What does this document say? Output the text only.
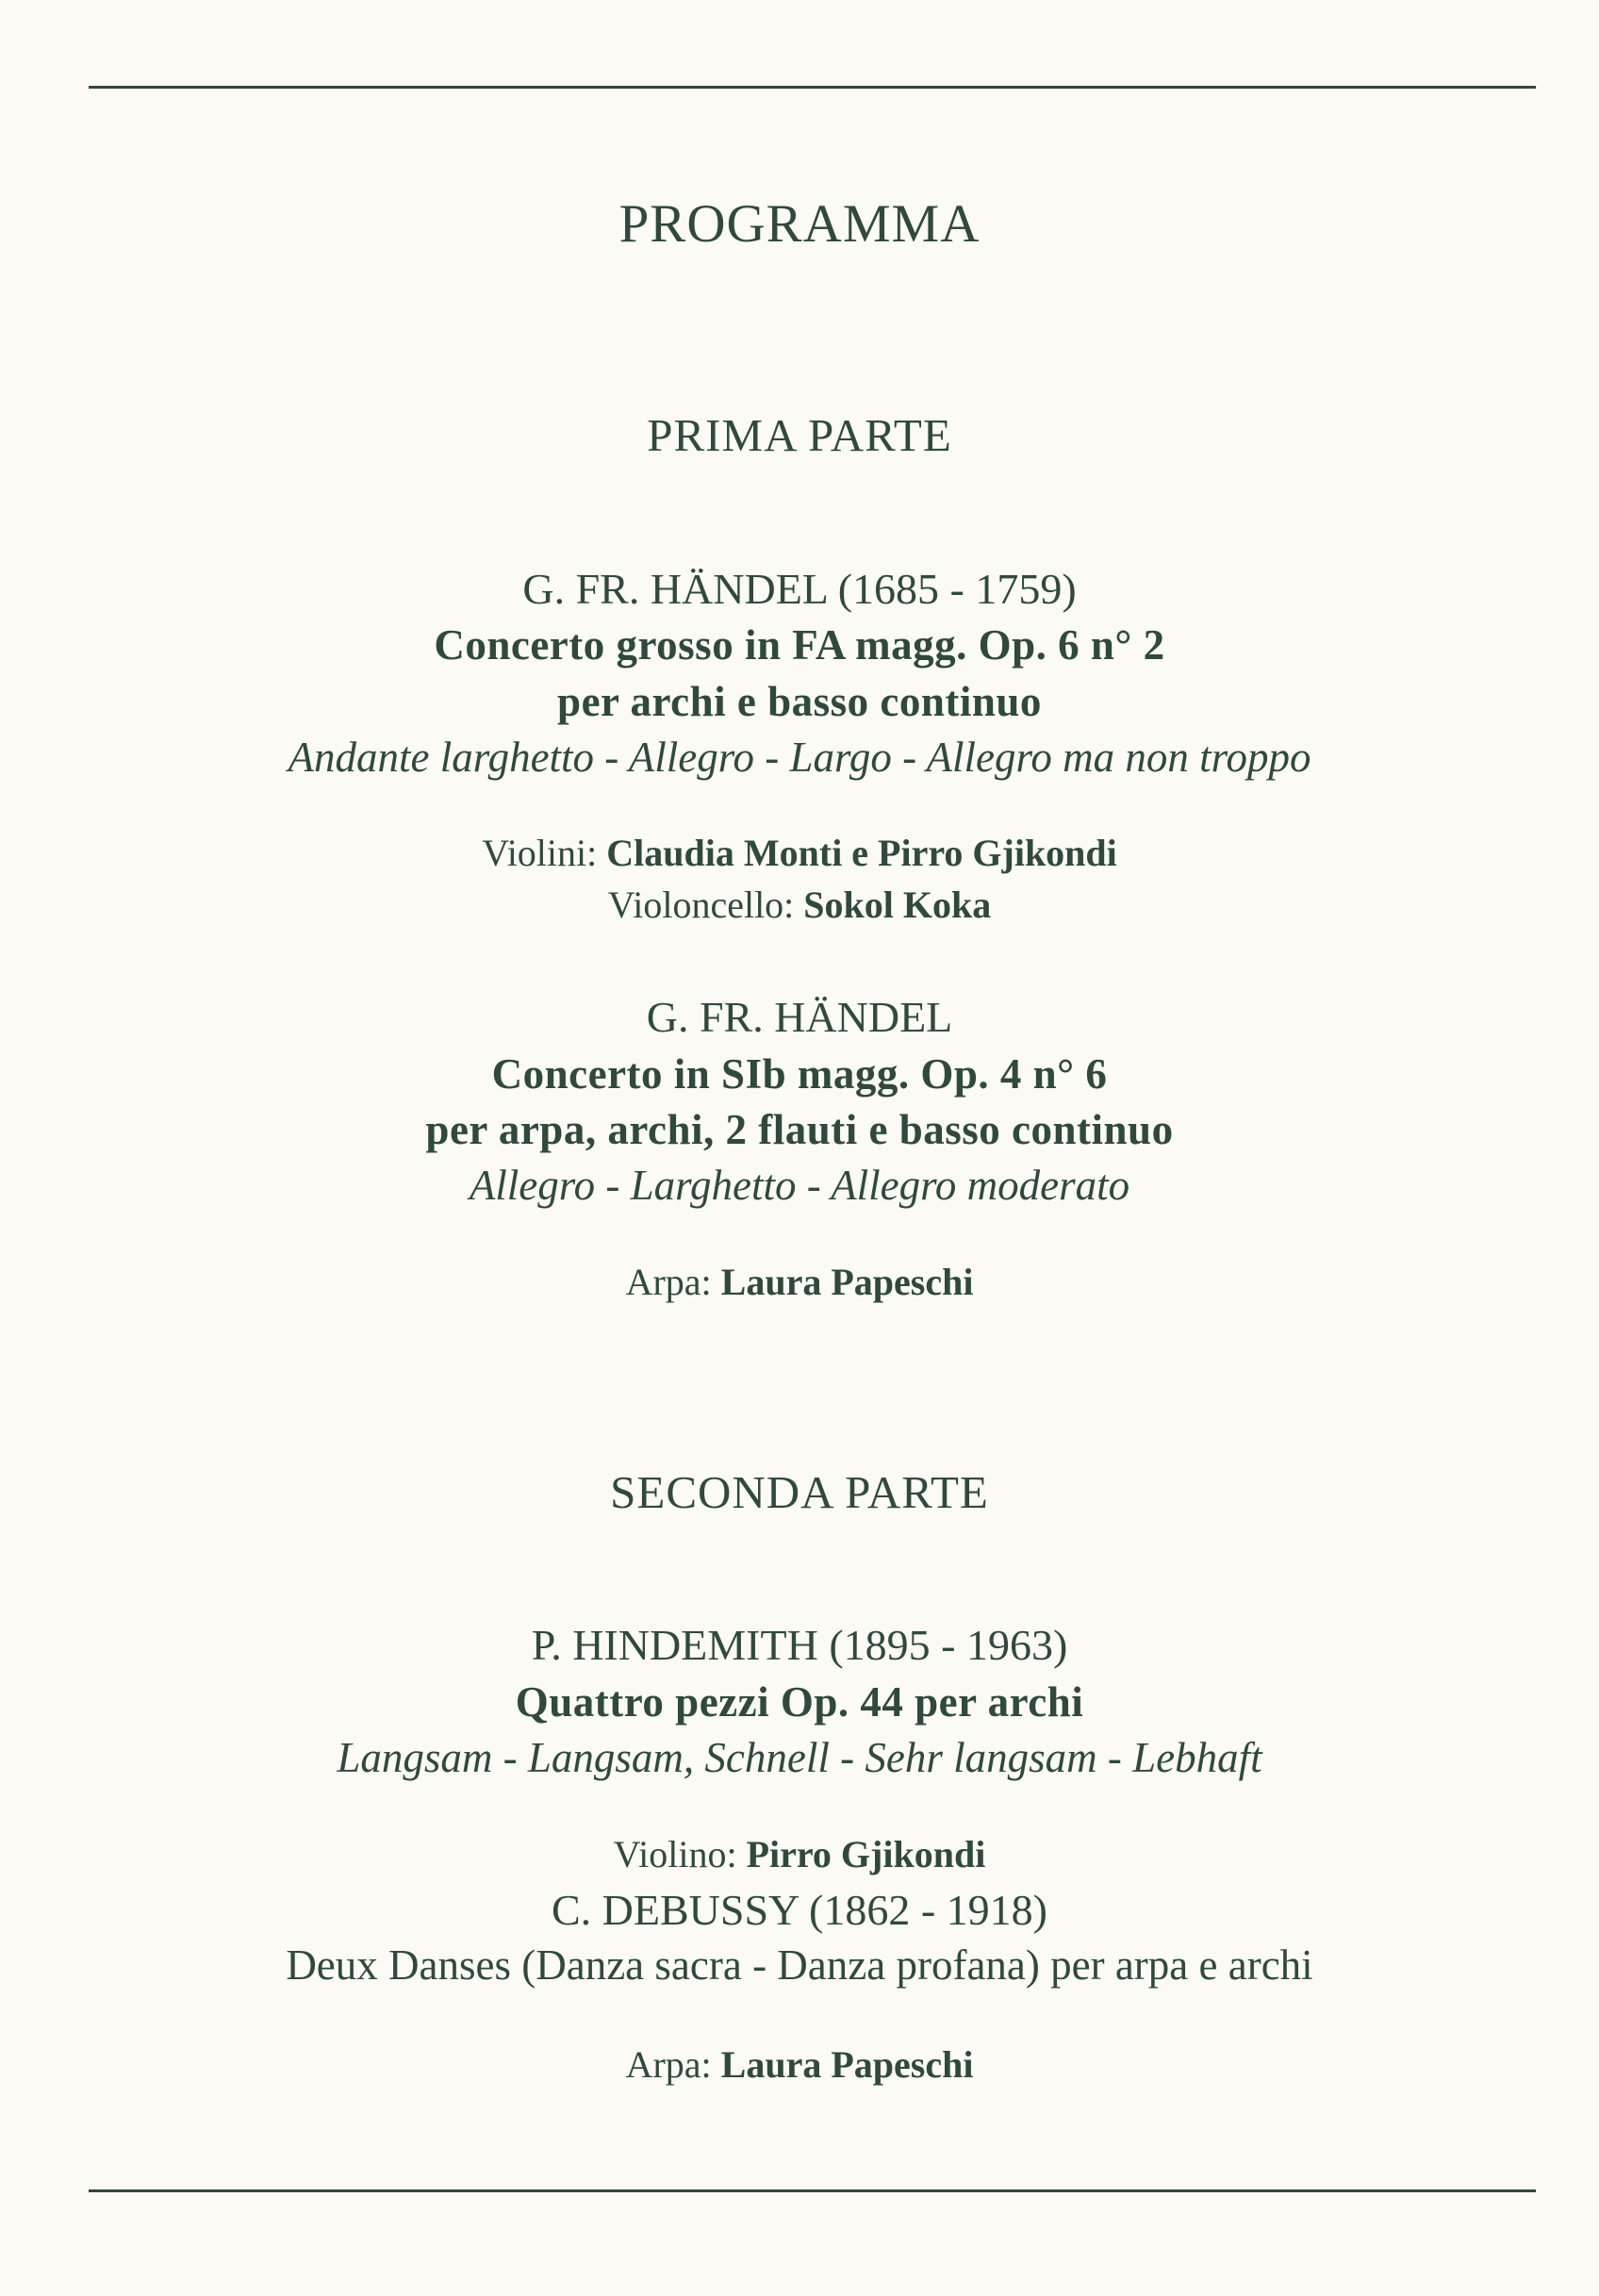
PROGRAMMA
PRIMA PARTE
G. FR. HÄNDEL (1685 - 1759)
Concerto grosso in FA magg. Op. 6 n° 2
per archi e basso continuo
Andante larghetto - Allegro - Largo - Allegro ma non troppo
Violini: Claudia Monti e Pirro Gjikondi
Violoncello: Sokol Koka
G. FR. HÄNDEL
Concerto in SIb magg. Op. 4 n° 6
per arpa, archi, 2 flauti e basso continuo
Allegro - Larghetto - Allegro moderato
Arpa: Laura Papeschi
SECONDA PARTE
P. HINDEMITH (1895 - 1963)
Quattro pezzi Op. 44 per archi
Langsam - Langsam, Schnell - Sehr langsam - Lebhaft
Violino: Pirro Gjikondi
C. DEBUSSY (1862 - 1918)
Deux Danses (Danza sacra - Danza profana) per arpa e archi
Arpa: Laura Papeschi
